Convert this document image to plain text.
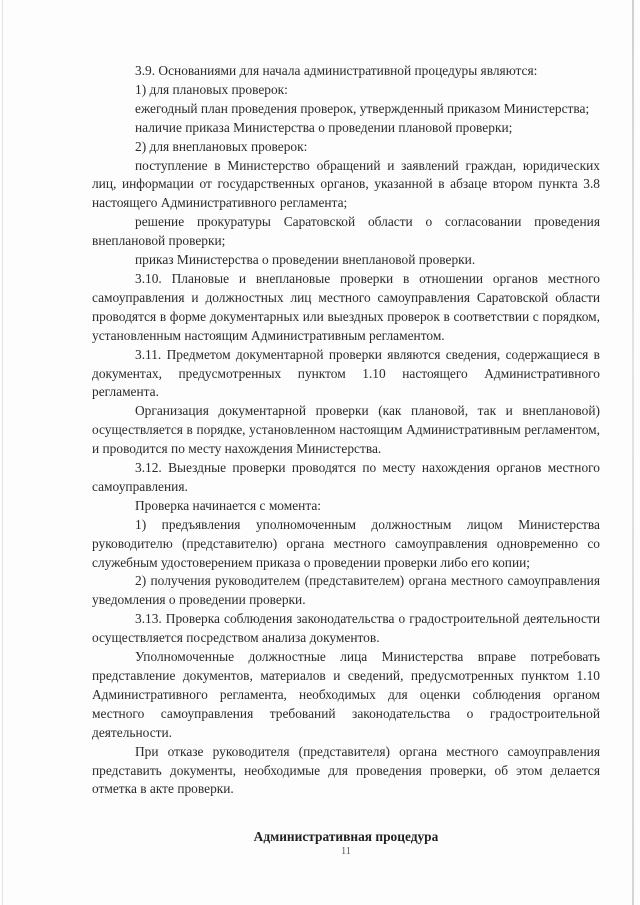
3.9. Основаниями для начала административной процедуры являются:

1) для плановых проверок:

ежегодный план проведения проверок, утвержденный приказом Министерства;

наличие приказа Министерства о проведении плановой проверки;

2) для внеплановых проверок:

поступление в Министерство обращений и заявлений граждан, юридических лиц, информации от государственных органов, указанной в абзаце втором пункта 3.8 настоящего Административного регламента;

решение прокуратуры Саратовской области о согласовании проведения внеплановой проверки;

приказ Министерства о проведении внеплановой проверки.

3.10. Плановые и внеплановые проверки в отношении органов местного самоуправления и должностных лиц местного самоуправления Саратовской области проводятся в форме документарных или выездных проверок в соответствии с порядком, установленным настоящим Административным регламентом.

3.11. Предметом документарной проверки являются сведения, содержащиеся в документах, предусмотренных пунктом 1.10 настоящего Административного регламента.

Организация документарной проверки (как плановой, так и внеплановой) осуществляется в порядке, установленном настоящим Административным регламентом, и проводится по месту нахождения Министерства.

3.12. Выездные проверки проводятся по месту нахождения органов местного самоуправления.

Проверка начинается с момента:

1) предъявления уполномоченным должностным лицом Министерства руководителю (представителю) органа местного самоуправления одновременно со служебным удостоверением приказа о проведении проверки либо его копии;

2) получения руководителем (представителем) органа местного самоуправления уведомления о проведении проверки.

3.13. Проверка соблюдения законодательства о градостроительной деятельности осуществляется посредством анализа документов.

Уполномоченные должностные лица Министерства вправе потребовать представление документов, материалов и сведений, предусмотренных пунктом 1.10 Административного регламента, необходимых для оценки соблюдения органом местного самоуправления требований законодательства о градостроительной деятельности.

При отказе руководителя (представителя) органа местного самоуправления представить документы, необходимые для проведения проверки, об этом делается отметка в акте проверки.

Административная процедура
11
